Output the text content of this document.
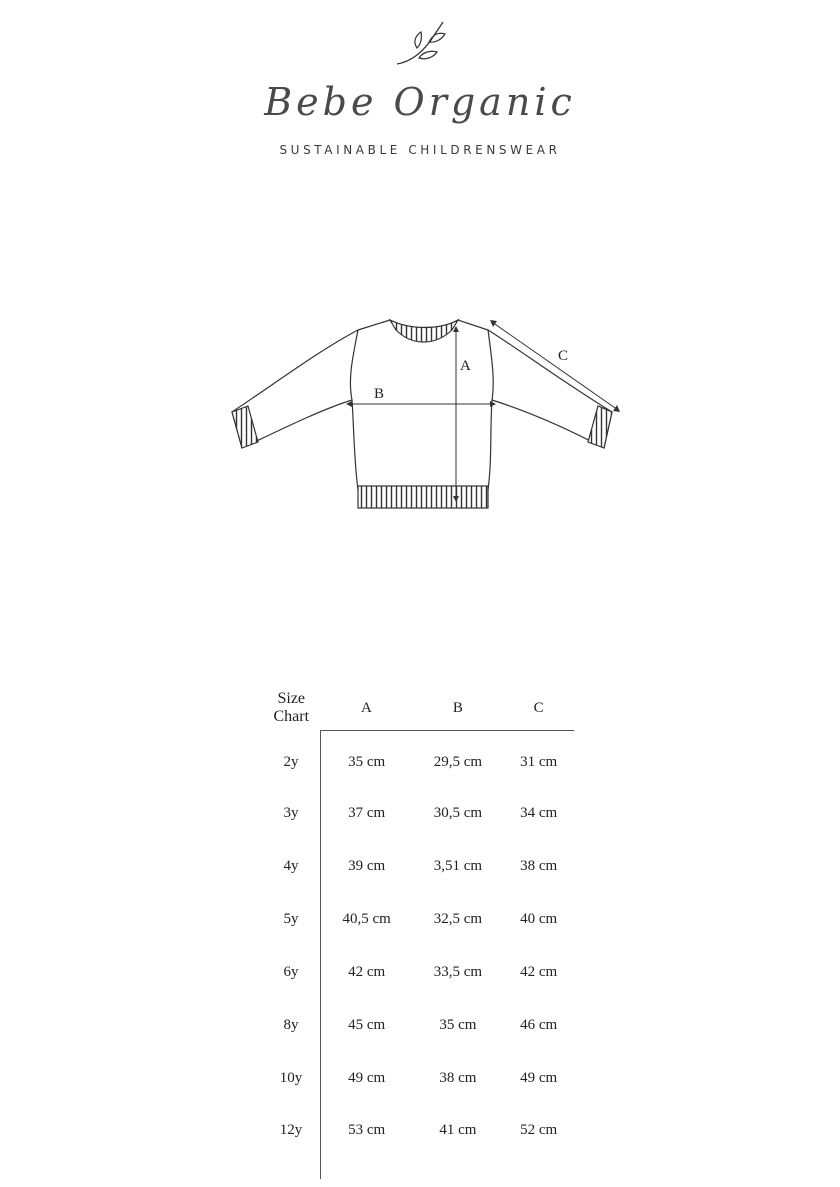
Bebe Organic
SUSTAINABLE CHILDRENSWEAR
A
B
C
Size Chart	A	B	C
2y	35 cm	29,5 cm	31 cm
3y	37 cm	30,5 cm	34 cm
4y	39 cm	3,51 cm	38 cm
5y	40,5 cm	32,5 cm	40 cm
6y	42 cm	33,5 cm	42 cm
8y	45 cm	35 cm	46 cm
10y	49 cm	38 cm	49 cm
12y	53 cm	41 cm	52 cm
